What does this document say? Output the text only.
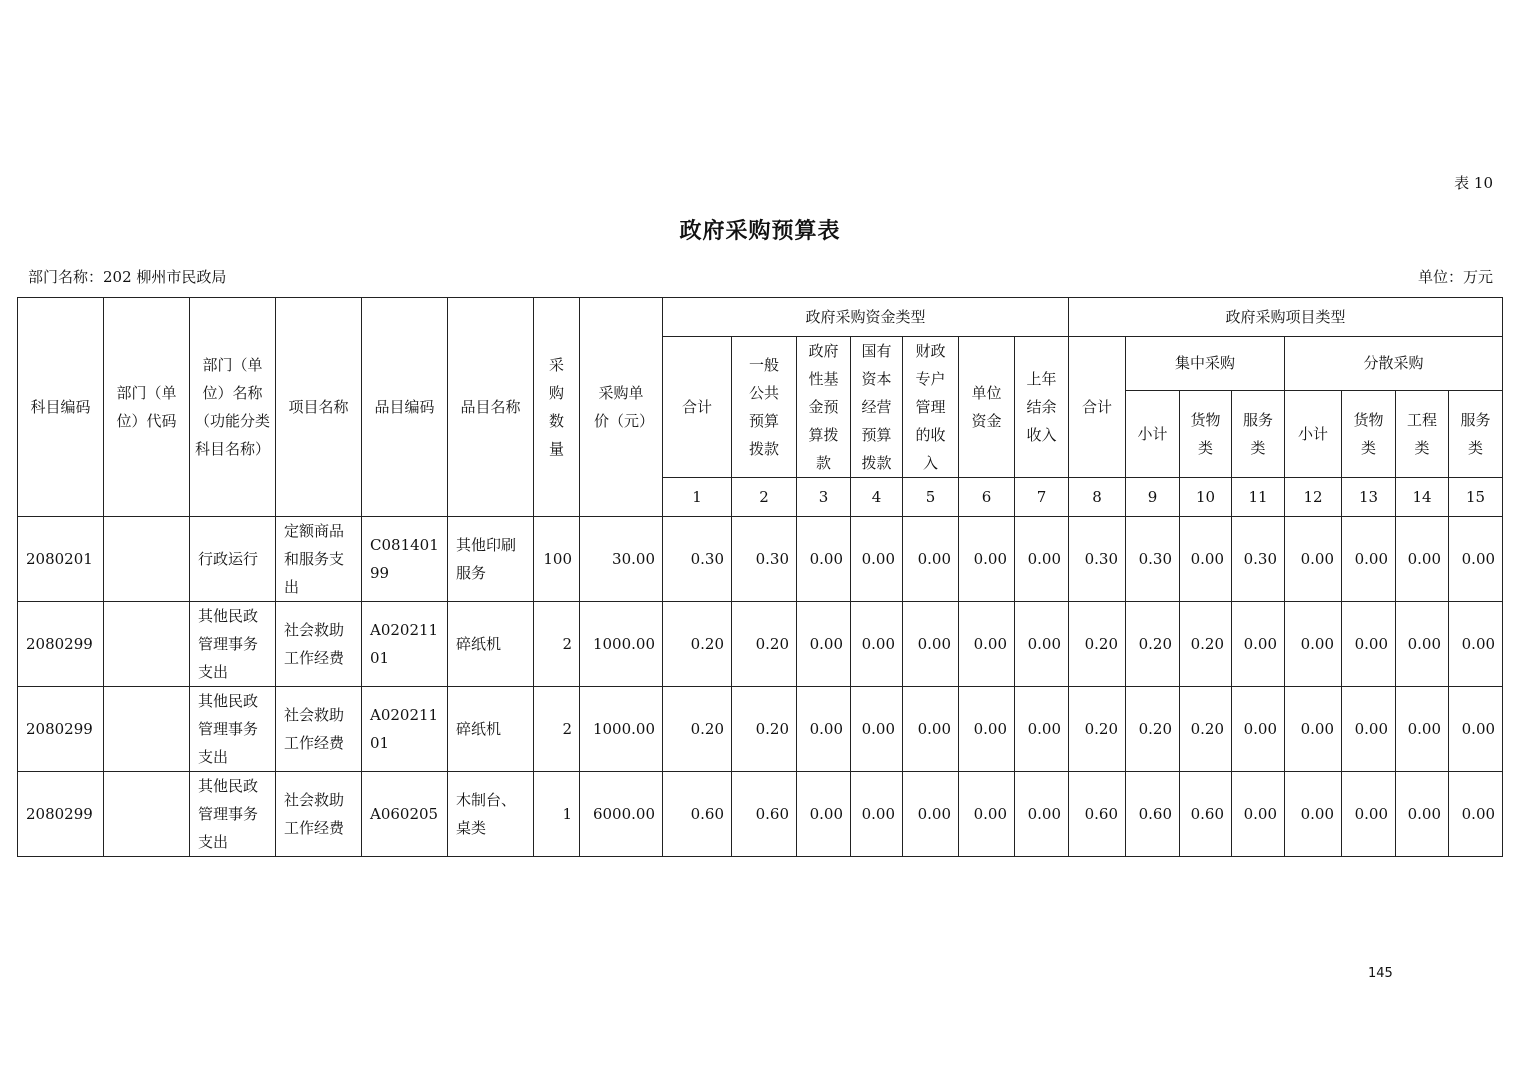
表 10
政府采购预算表
部门名称：202 柳州市民政局	单位：万元
科目编码	部门（单位）代码	部门（单位）名称（功能分类科目名称）	项目名称	品目编码	品目名称	采购数量	采购单价（元）	政府采购资金类型							政府采购项目类型							
								合计	一般公共预算拨款	政府性基金预算拨款	国有资本经营预算拨款	财政专户管理的收入	单位资金	上年结余收入	合计	集中采购			分散采购			
																小计	货物类	服务类	小计	货物类	工程类	服务类
								1	2	3	4	5	6	7	8	9	10	11	12	13	14	15
2080201		行政运行	定额商品和服务支出	C08140199	其他印刷服务	100	30.00	0.30	0.30	0.00	0.00	0.00	0.00	0.00	0.30	0.30	0.00	0.30	0.00	0.00	0.00	0.00
2080299		其他民政管理事务支出	社会救助工作经费	A02021101	碎纸机	2	1000.00	0.20	0.20	0.00	0.00	0.00	0.00	0.00	0.20	0.20	0.20	0.00	0.00	0.00	0.00	0.00
2080299		其他民政管理事务支出	社会救助工作经费	A02021101	碎纸机	2	1000.00	0.20	0.20	0.00	0.00	0.00	0.00	0.00	0.20	0.20	0.20	0.00	0.00	0.00	0.00	0.00
2080299		其他民政管理事务支出	社会救助工作经费	A060205	木制台、桌类	1	6000.00	0.60	0.60	0.00	0.00	0.00	0.00	0.00	0.60	0.60	0.60	0.00	0.00	0.00	0.00	0.00
145
